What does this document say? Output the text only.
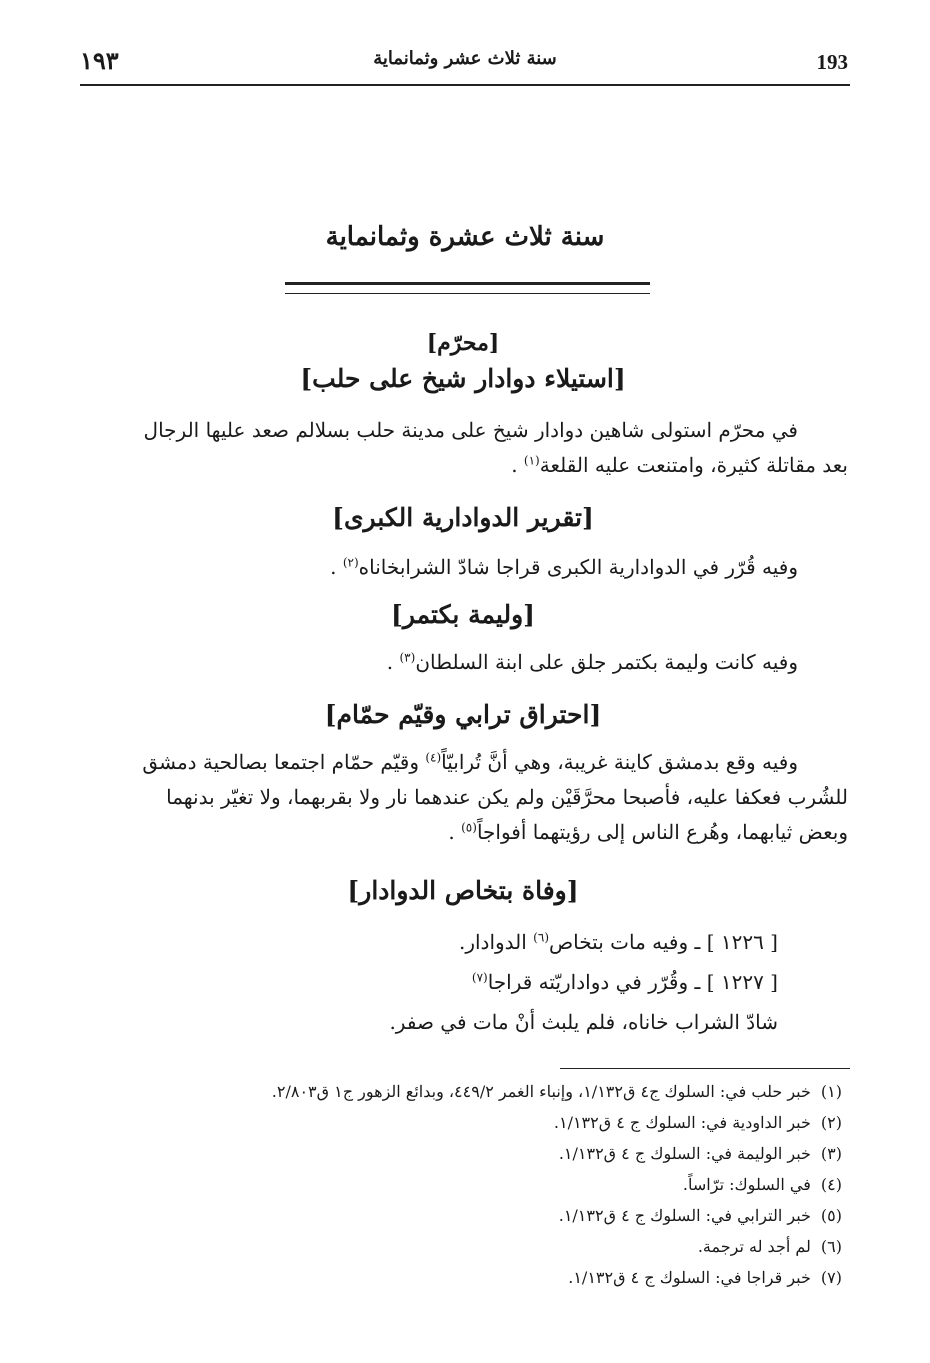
١٩٣	سنة ثلاث عشر وثمانماية	193
سنة ثلاث عشرة وثمانماية
[محرّم]
[استيلاء دوادار شيخ على حلب]
في محرّم استولى شاهين دوادار شيخ على مدينة حلب بسلالم صعد عليها الرجال
بعد مقاتلة كثيرة، وامتنعت عليه القلعة$^{(١)}$ .
[تقرير الدوادارية الكبرى]
وفيه قُرّر في الدوادارية الكبرى قراجا شادّ الشرابخاناه$^{(٢)}$ .
[وليمة بكتمر]
وفيه كانت وليمة بكتمر جلق على ابنة السلطان$^{(٣)}$ .
[احتراق ترابي وقيّم حمّام]
وفيه وقع بدمشق كاينة غريبة، وهي أنَّ تُرابيّاً$^{(٤)}$ وقيّم حمّام اجتمعا بصالحية دمشق
للشُرب فعكفا عليه، فأصبحا محرَّقَيْن ولم يكن عندهما نار ولا بقربهما، ولا تغيّر بدنهما
وبعض ثيابهما، وهُرع الناس إلى رؤيتهما أفواجاً$^{(٥)}$ .
[وفاة بتخاص الدوادار]
[ ١٢٢٦ ] ـ وفيه مات بتخاص$^{(٦)}$ الدوادار.
[ ١٢٢٧ ] ـ وقُرّر في دواداريّته قراجا$^{(٧)}$
شادّ الشراب خاناه، فلم يلبث أنْ مات في صفر.
(١)خبر حلب في: السلوك ج٤ ق١/١٣٢، وإنباء الغمر ٤٤٩/٢، وبدائع الزهور ج١ ق٢/٨٠٣.
(٢)خبر الداودية في: السلوك ج ٤ ق١/١٣٢.
(٣)خبر الوليمة في: السلوك ج ٤ ق١/١٣٢.
(٤)في السلوك: ترّاساً.
(٥)خبر الترابي في: السلوك ج ٤ ق١/١٣٢.
(٦)لم أجد له ترجمة.
(٧)خبر قراجا في: السلوك ج ٤ ق١/١٣٢.
